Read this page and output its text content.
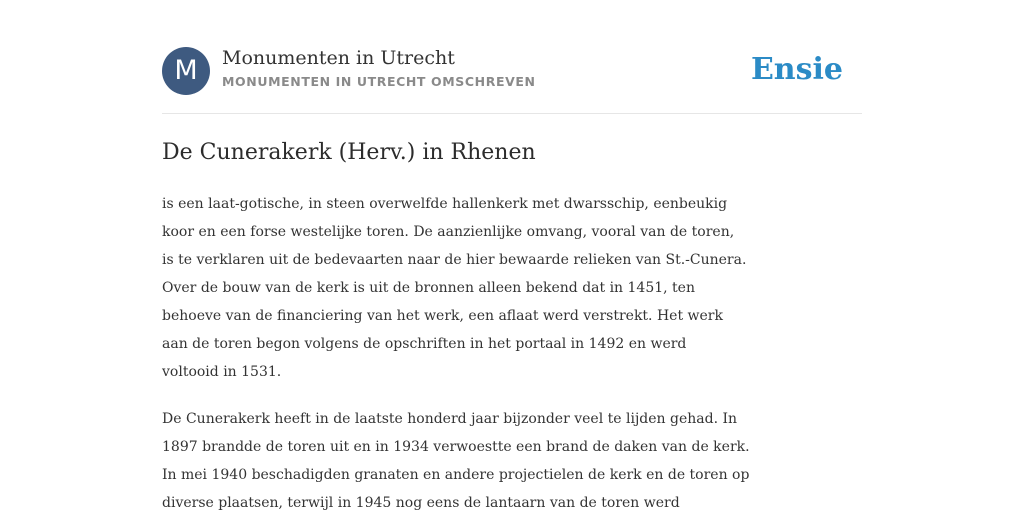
M	Monumenten in Utrecht
MONUMENTEN IN UTRECHT OMSCHREVEN	Ensie
De Cunerakerk (Herv.) in Rhenen
is een laat-gotische, in steen overwelfde hallenkerk met dwarsschip, eenbeukig
koor en een forse westelijke toren. De aanzienlijke omvang, vooral van de toren,
is te verklaren uit de bedevaarten naar de hier bewaarde relieken van St.-Cunera.
Over de bouw van de kerk is uit de bronnen alleen bekend dat in 1451, ten
behoeve van de financiering van het werk, een aflaat werd verstrekt. Het werk
aan de toren begon volgens de opschriften in het portaal in 1492 en werd
voltooid in 1531.
De Cunerakerk heeft in de laatste honderd jaar bijzonder veel te lijden gehad. In
1897 brandde de toren uit en in 1934 verwoestte een brand de daken van de kerk.
In mei 1940 beschadigden granaten en andere projectielen de kerk en de toren op
diverse plaatsen, terwijl in 1945 nog eens de lantaarn van de toren werd
